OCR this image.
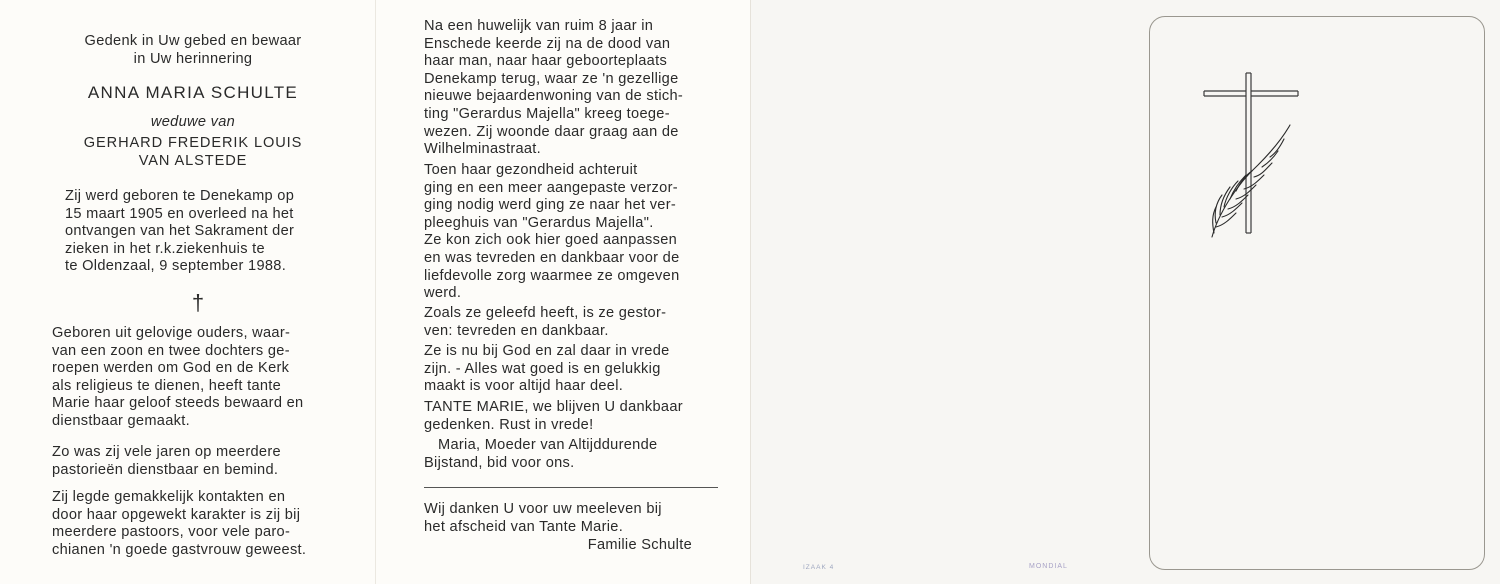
Gedenk in Uw gebed en bewaar
in Uw herinnering
ANNA MARIA SCHULTE
weduwe van
GERHARD FREDERIK LOUIS
VAN ALSTEDE
Zij werd geboren te Denekamp op
15 maart 1905 en overleed na het
ontvangen van het Sakrament der
zieken in het r.k.ziekenhuis te
te Oldenzaal, 9 september 1988.
†
Geboren uit gelovige ouders, waar-
van een zoon en twee dochters ge-
roepen werden om God en de Kerk
als religieus te dienen, heeft tante
Marie haar geloof steeds bewaard en
dienstbaar gemaakt.
Zo was zij vele jaren op meerdere
pastorieën dienstbaar en bemind.
Zij legde gemakkelijk kontakten en
door haar opgewekt karakter is zij bij
meerdere pastoors, voor vele paro-
chianen 'n goede gastvrouw geweest.
Na een huwelijk van ruim 8 jaar in
Enschede keerde zij na de dood van
haar man, naar haar geboorteplaats
Denekamp terug, waar ze 'n gezellige
nieuwe bejaardenwoning van de stich-
ting "Gerardus Majella" kreeg toege-
wezen. Zij woonde daar graag aan de
Wilhelminastraat.
Toen haar gezondheid achteruit
ging en een meer aangepaste verzor-
ging nodig werd ging ze naar het ver-
pleeghuis van "Gerardus Majella".
Ze kon zich ook hier goed aanpassen
en was tevreden en dankbaar voor de
liefdevolle zorg waarmee ze omgeven
werd.
Zoals ze geleefd heeft, is ze gestor-
ven: tevreden en dankbaar.
Ze is nu bij God en zal daar in vrede
zijn. - Alles wat goed is en gelukkig
maakt is voor altijd haar deel.
TANTE MARIE, we blijven U dankbaar
gedenken. Rust in vrede!
Maria, Moeder van Altijddurende
Bijstand, bid voor ons.
Wij danken U voor uw meeleven bij
het afscheid van Tante Marie.
Familie Schulte
IZAAK 4	MONDIAL
